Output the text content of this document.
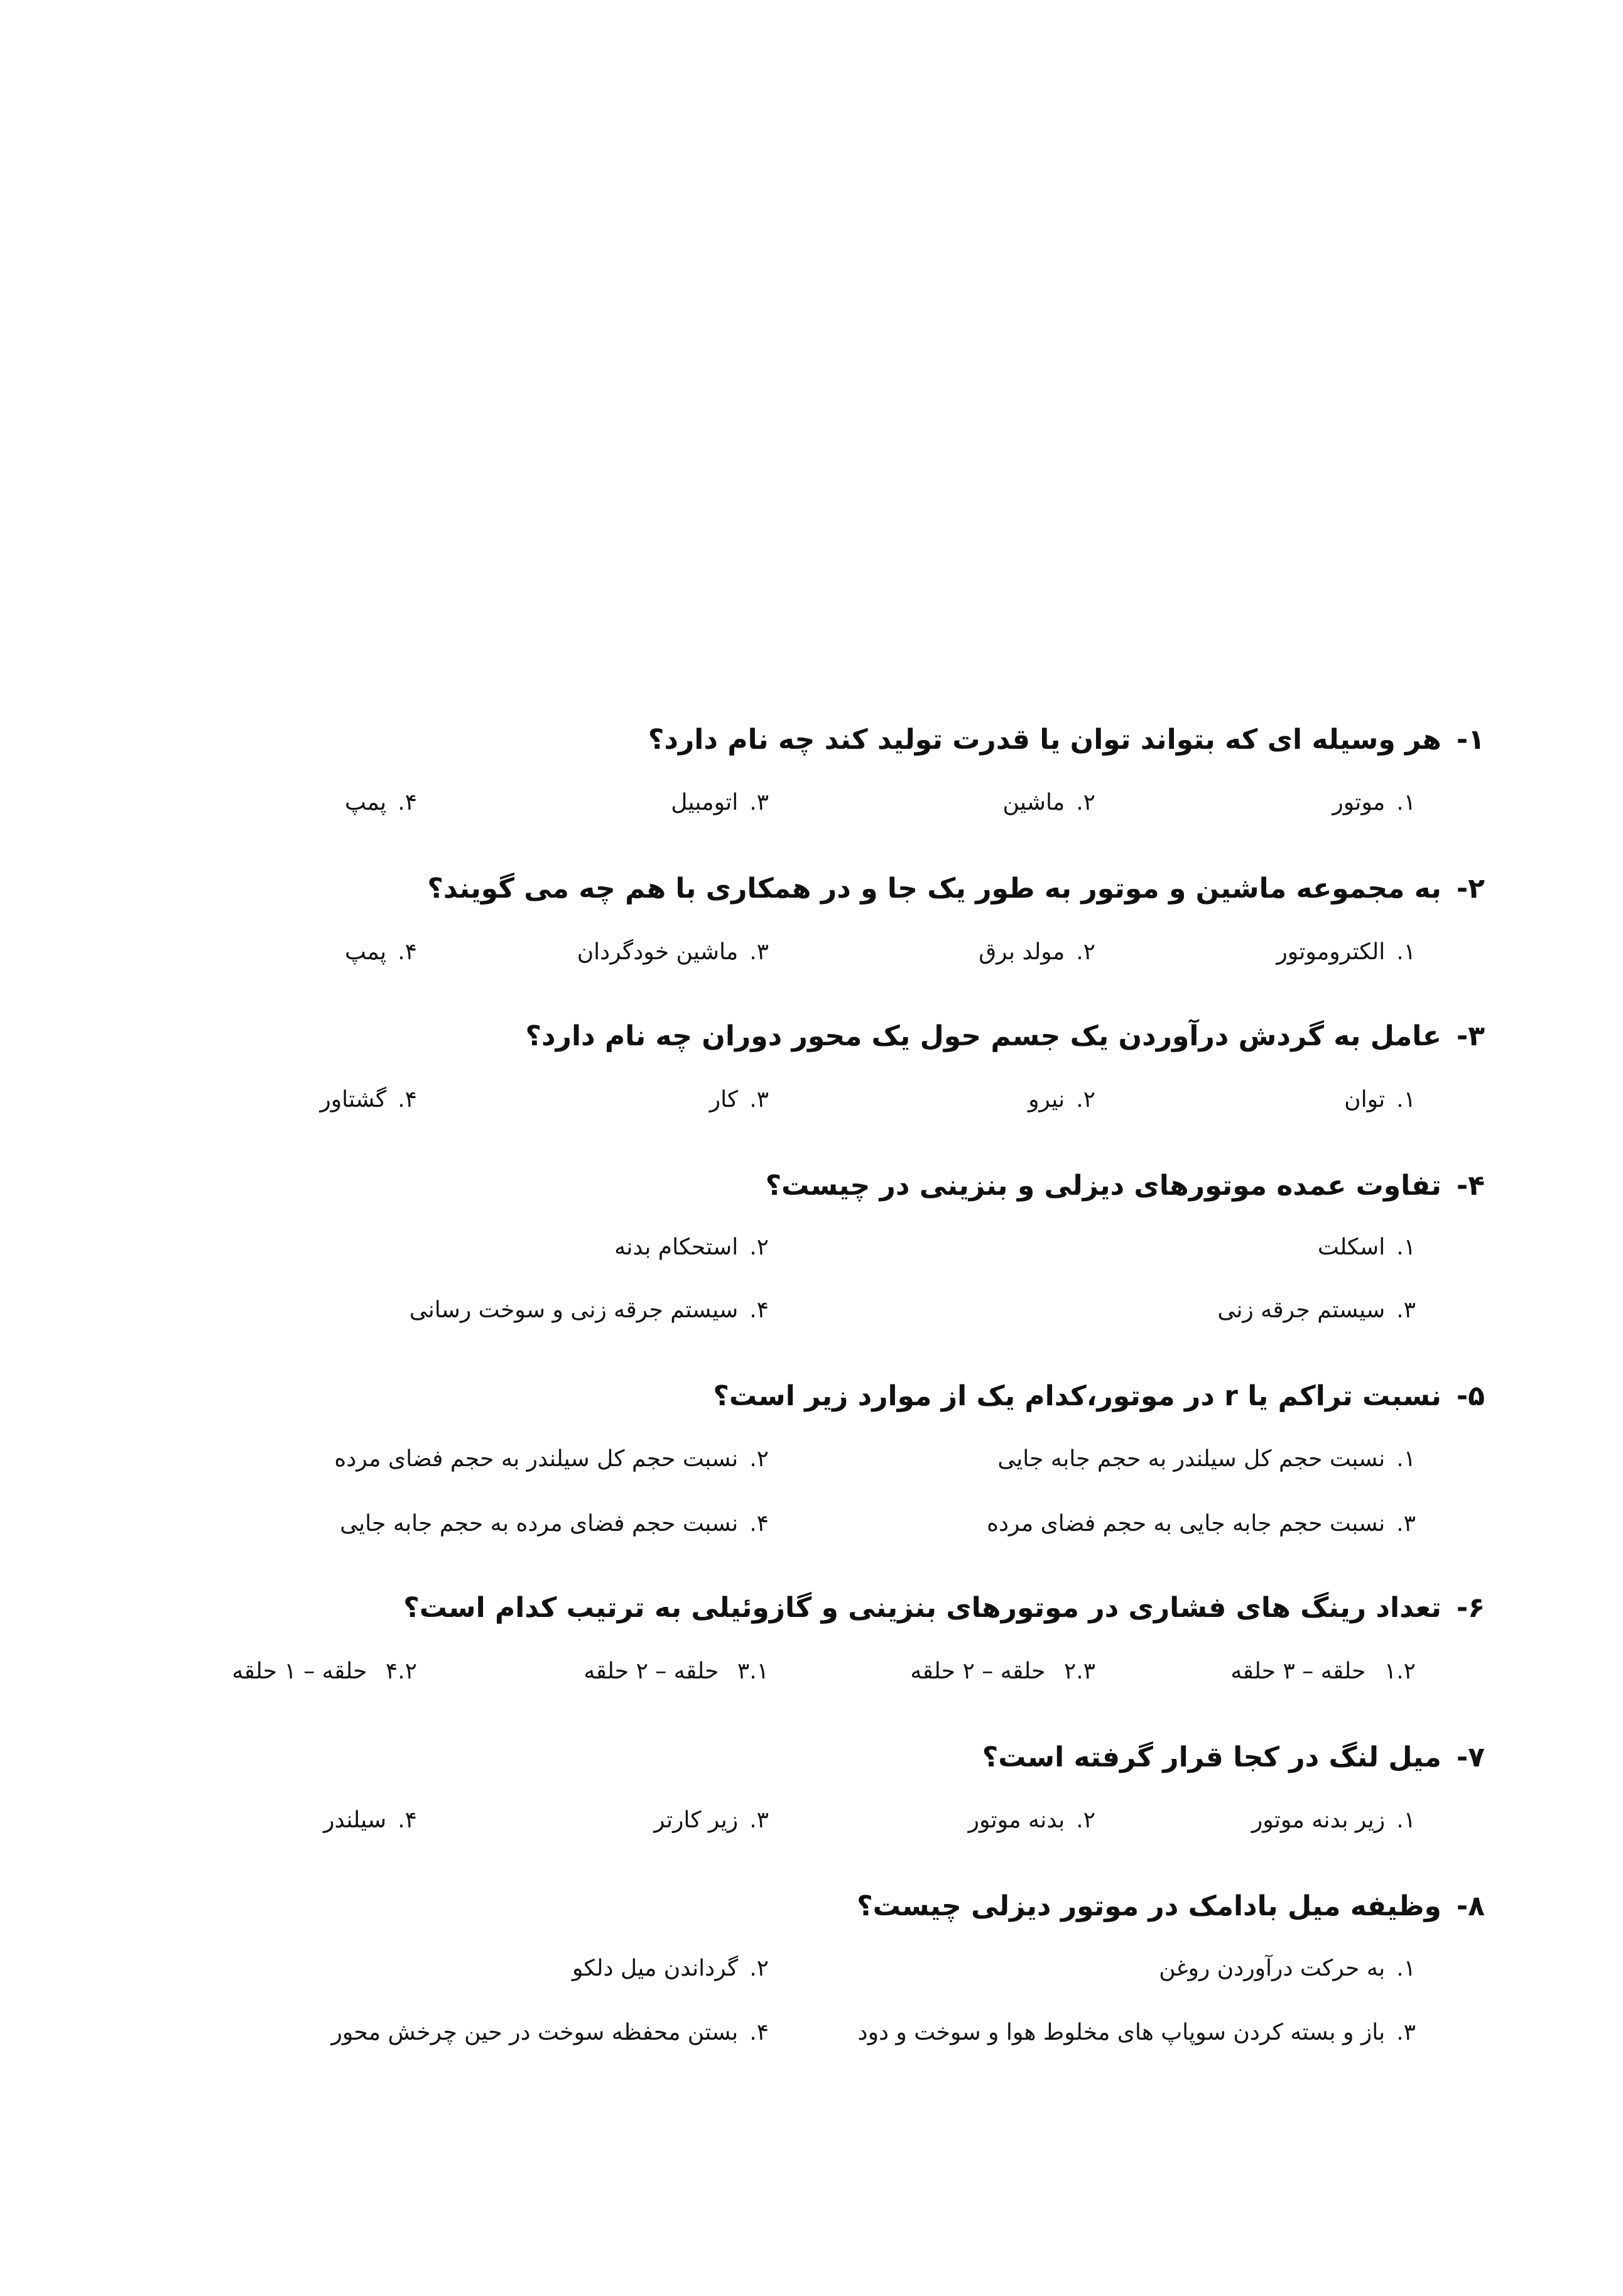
۱-هر وسیله ای که بتواند توان یا قدرت تولید کند چه نام دارد؟
۱.موتور
۲.ماشین
۳.اتومبیل
۴.پمپ
۲-به مجموعه ماشین و موتور به طور یک جا و در همکاری با هم چه می گویند؟
۱.الکتروموتور
۲.مولد برق
۳.ماشین خودگردان
۴.پمپ
۳-عامل به گردش درآوردن یک جسم حول یک محور دوران چه نام دارد؟
۱.توان
۲.نیرو
۳.کار
۴.گشتاور
۴-تفاوت عمده موتورهای دیزلی و بنزینی در چیست؟
۱.اسکلت
۲.استحکام بدنه
۳.سیستم جرقه زنی
۴.سیستم جرقه زنی و سوخت رسانی
۵-نسبت تراکم یا r در موتور،کدام یک از موارد زیر است؟
۱.نسبت حجم کل سیلندر به حجم جابه جایی
۲.نسبت حجم کل سیلندر به حجم فضای مرده
۳.نسبت حجم جابه جایی به حجم فضای مرده
۴.نسبت حجم فضای مرده به حجم جابه جایی
۶-تعداد رینگ های فشاری در موتورهای بنزینی و گازوئیلی به ترتیب کدام است؟
۱.۲ حلقه – ۳ حلقه
۲.۳ حلقه – ۲ حلقه
۳.۱ حلقه – ۲ حلقه
۴.۲ حلقه – ۱ حلقه
۷-میل لنگ در کجا قرار گرفته است؟
۱.زیر بدنه موتور
۲.بدنه موتور
۳.زیر کارتر
۴.سیلندر
۸-وظیفه میل بادامک در موتور دیزلی چیست؟
۱.به حرکت درآوردن روغن
۲.گرداندن میل دلکو
۳.باز و بسته کردن سوپاپ های مخلوط هوا و سوخت و دود
۴.بستن محفظه سوخت در حین چرخش محور
